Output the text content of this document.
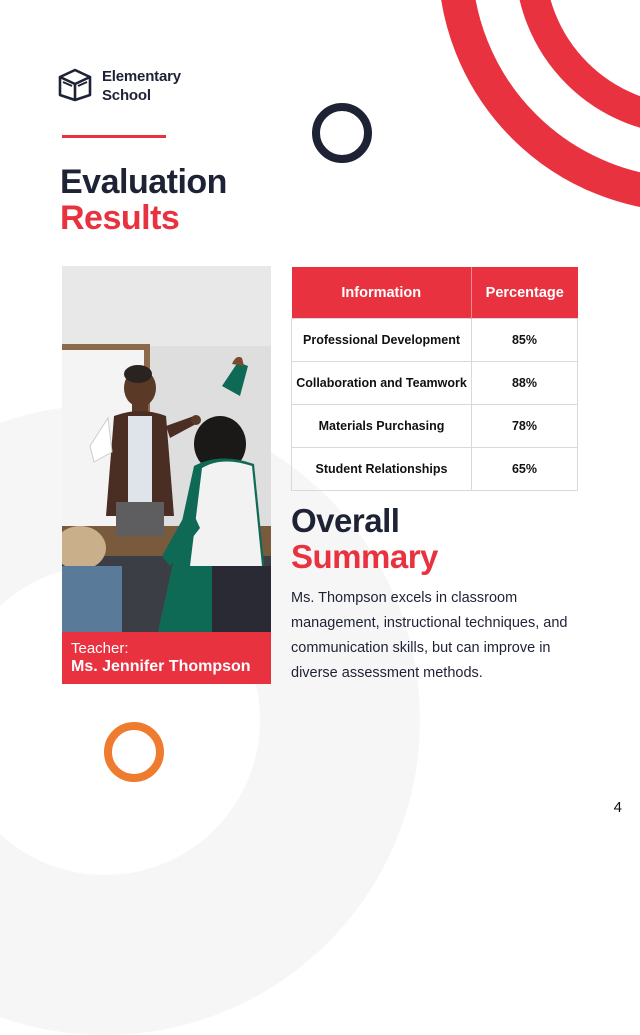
Elementary School
Evaluation
Results
Teacher:
Ms. Jennifer Thompson
Information	Percentage
Professional Development	85%
Collaboration and Teamwork	88%
Materials Purchasing	78%
Student Relationships	65%
Overall
Summary
Ms. Thompson excels in classroom management, instructional techniques, and communication skills, but can improve in diverse assessment methods.
4
